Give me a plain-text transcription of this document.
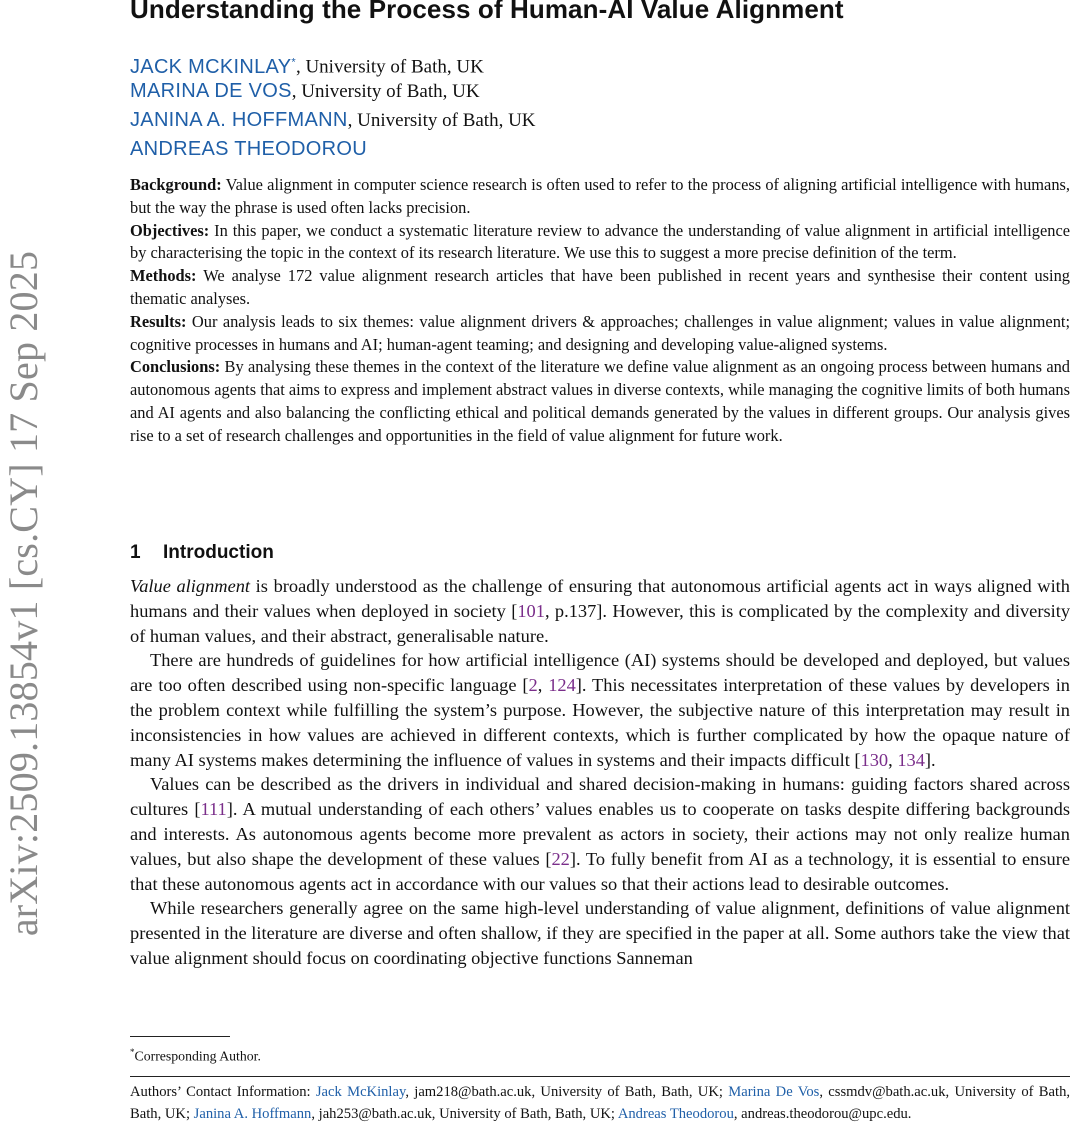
arXiv:2509.13854v1 [cs.CY] 17 Sep 2025
Understanding the Process of Human-AI Value Alignment
JACK MCKINLAY*, University of Bath, UK
MARINA DE VOS, University of Bath, UK
JANINA A. HOFFMANN, University of Bath, UK
ANDREAS THEODOROU

Background: Value alignment in computer science research is often used to refer to the process of aligning artificial intelligence with humans, but the way the phrase is used often lacks precision.

Objectives: In this paper, we conduct a systematic literature review to advance the understanding of value alignment in artificial intelligence by characterising the topic in the context of its research literature. We use this to suggest a more precise definition of the term.

Methods: We analyse 172 value alignment research articles that have been published in recent years and synthesise their content using thematic analyses.

Results: Our analysis leads to six themes: value alignment drivers & approaches; challenges in value alignment; values in value alignment; cognitive processes in humans and AI; human-agent teaming; and designing and developing value-aligned systems.

Conclusions: By analysing these themes in the context of the literature we define value alignment as an ongoing process between humans and autonomous agents that aims to express and implement abstract values in diverse contexts, while managing the cognitive limits of both humans and AI agents and also balancing the conflicting ethical and political demands generated by the values in different groups. Our analysis gives rise to a set of research challenges and opportunities in the field of value alignment for future work.

1 Introduction

Value alignment is broadly understood as the challenge of ensuring that autonomous artificial agents act in ways aligned with humans and their values when deployed in society [101, p.137]. However, this is complicated by the complexity and diversity of human values, and their abstract, generalisable nature.

There are hundreds of guidelines for how artificial intelligence (AI) systems should be developed and deployed, but values are too often described using non-specific language [2, 124]. This necessitates interpretation of these values by developers in the problem context while fulfilling the system’s purpose. However, the subjective nature of this interpretation may result in inconsistencies in how values are achieved in different contexts, which is further complicated by how the opaque nature of many AI systems makes determining the influence of values in systems and their impacts difficult [130, 134].

Values can be described as the drivers in individual and shared decision-making in humans: guiding factors shared across cultures [111]. A mutual understanding of each others’ values enables us to cooperate on tasks despite differing backgrounds and interests. As autonomous agents become more prevalent as actors in society, their actions may not only realize human values, but also shape the development of these values [22]. To fully benefit from AI as a technology, it is essential to ensure that these autonomous agents act in accordance with our values so that their actions lead to desirable outcomes.

While researchers generally agree on the same high-level understanding of value alignment, definitions of value alignment presented in the literature are diverse and often shallow, if they are specified in the paper at all. Some authors take the view that value alignment should focus on coordinating objective functions Sanneman

*Corresponding Author.
Authors’ Contact Information: Jack McKinlay, jam218@bath.ac.uk, University of Bath, Bath, UK; Marina De Vos, cssmdv@bath.ac.uk, University of Bath, Bath, UK; Janina A. Hoffmann, jah253@bath.ac.uk, University of Bath, Bath, UK; Andreas Theodorou, andreas.theodorou@upc.edu.
